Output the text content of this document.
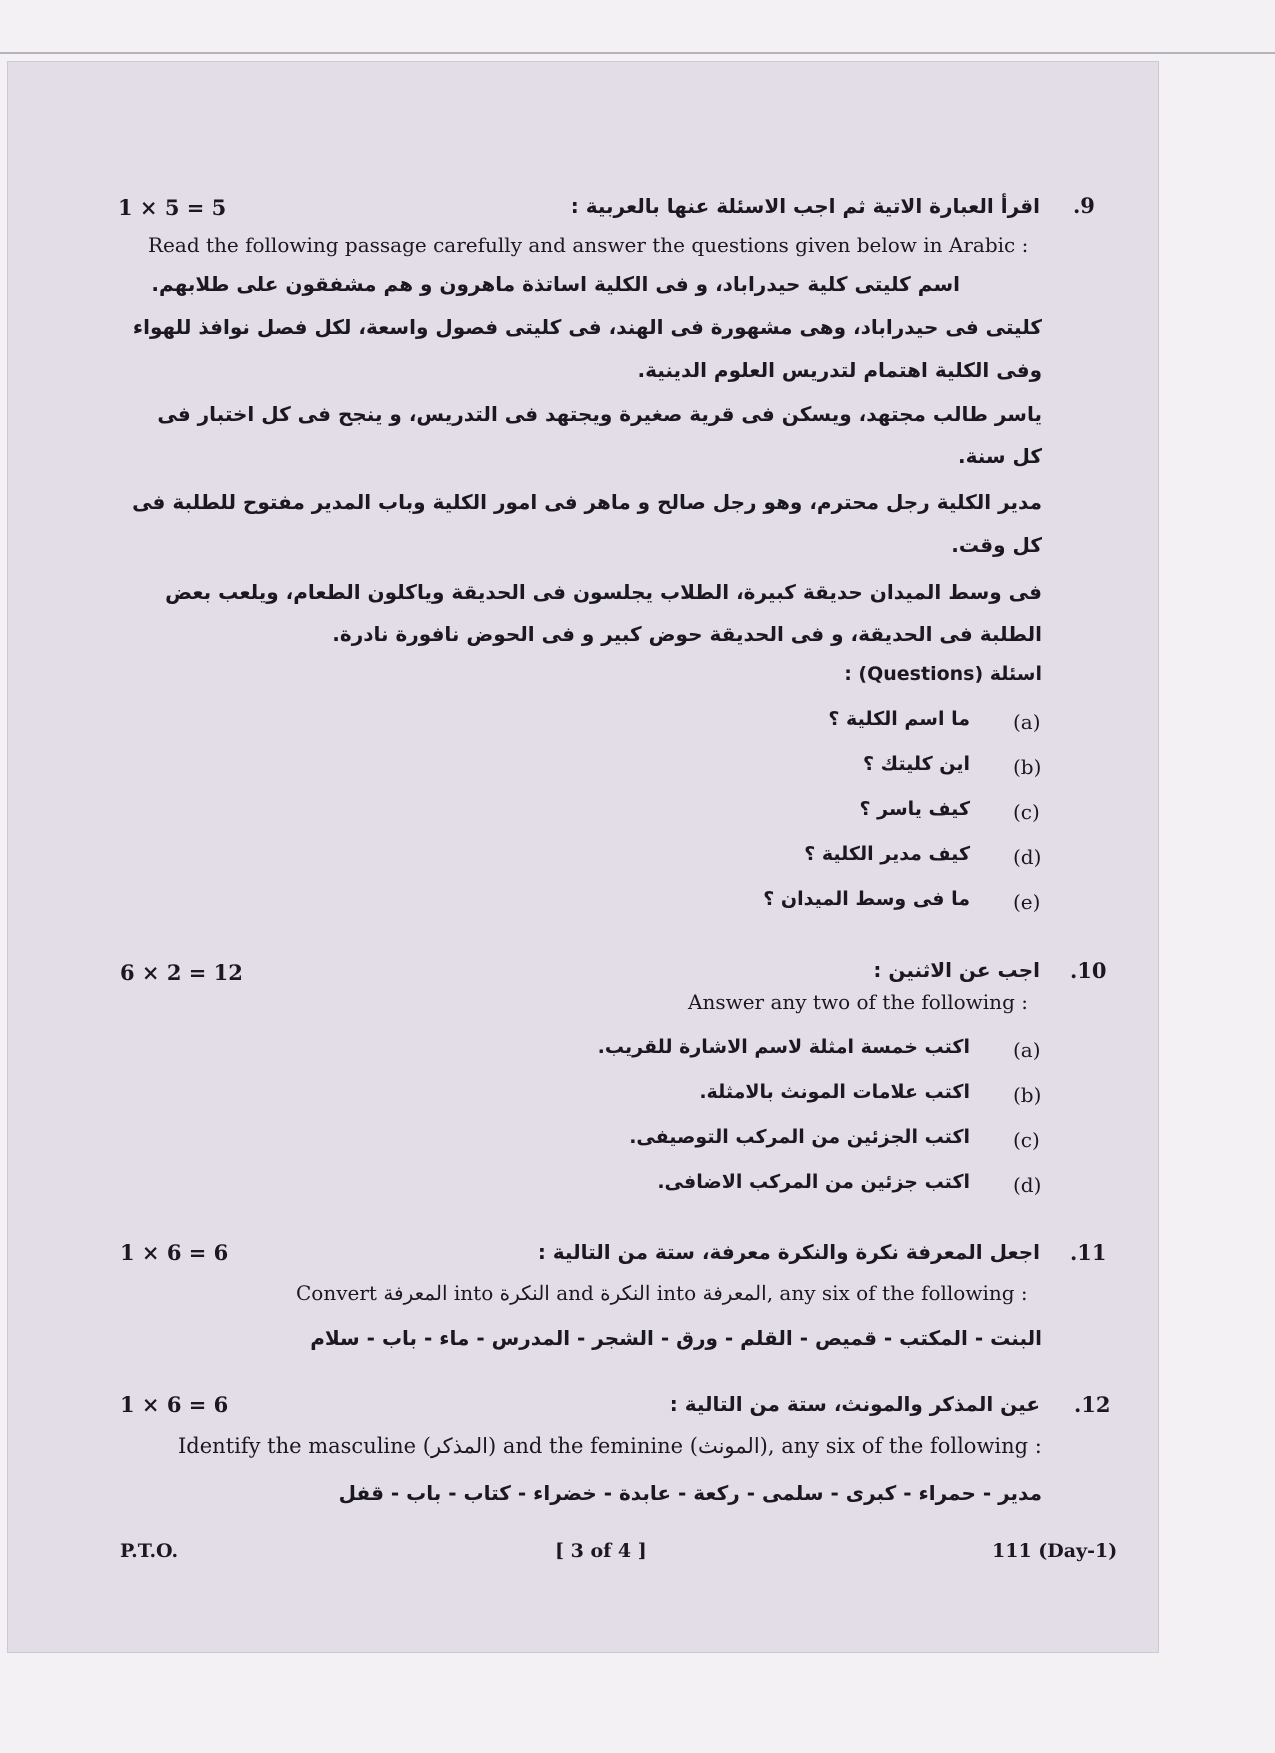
.9
اقرأ العبارة الاتية ثم اجب الاسئلة عنها بالعربية :
1 × 5 = 5
Read the following passage carefully and answer the questions given below in Arabic :
اسم كليتى كلية حيدراباد، و فى الكلية اساتذة ماهرون و هم مشفقون على طلابهم.
كليتى فى حيدراباد، وهى مشهورة فى الهند، فى كليتى فصول واسعة، لكل فصل نوافذ للهواء
وفى الكلية اهتمام لتدريس العلوم الدينية.
ياسر طالب مجتهد، ويسكن فى قرية صغيرة ويجتهد فى التدريس، و ينجح فى كل اختبار فى
كل سنة.
مدير الكلية رجل محترم، وهو رجل صالح و ماهر فى امور الكلية وباب المدير مفتوح للطلبة فى
كل وقت.
فى وسط الميدان حديقة كبيرة، الطلاب يجلسون فى الحديقة وياكلون الطعام، ويلعب بعض
الطلبة فى الحديقة، و فى الحديقة حوض كبير و فى الحوض نافورة نادرة.
اسئلة (Questions) :
(a)
ما اسم الكلية ؟
(b)
اين كليتك ؟
(c)
كيف ياسر ؟
(d)
كيف مدير الكلية ؟
(e)
ما فى وسط الميدان ؟
.10
اجب عن الاثنين :
6 × 2 = 12
Answer any two of the following :
(a)
اكتب خمسة امثلة لاسم الاشارة للقريب.
(b)
اكتب علامات المونث بالامثلة.
(c)
اكتب الجزئين من المركب التوصيفى.
(d)
اكتب جزئين من المركب الاضافى.
.11
اجعل المعرفة نكرة والنكرة معرفة، ستة من التالية :
1 × 6 = 6
Convert المعرفة into النكرة and النكرة into المعرفة, any six of the following :
البنت - المكتب - قميص - القلم - ورق - الشجر - المدرس - ماء - باب - سلام
.12
عين المذكر والمونث، ستة من التالية :
1 × 6 = 6
Identify the masculine (المذكر) and the feminine (المونث), any six of the following :
مدير - حمراء - كبرى - سلمى - ركعة - عابدة - خضراء - كتاب - باب - قفل
P.T.O.	[ 3 of 4 ]	111 (Day-1)
